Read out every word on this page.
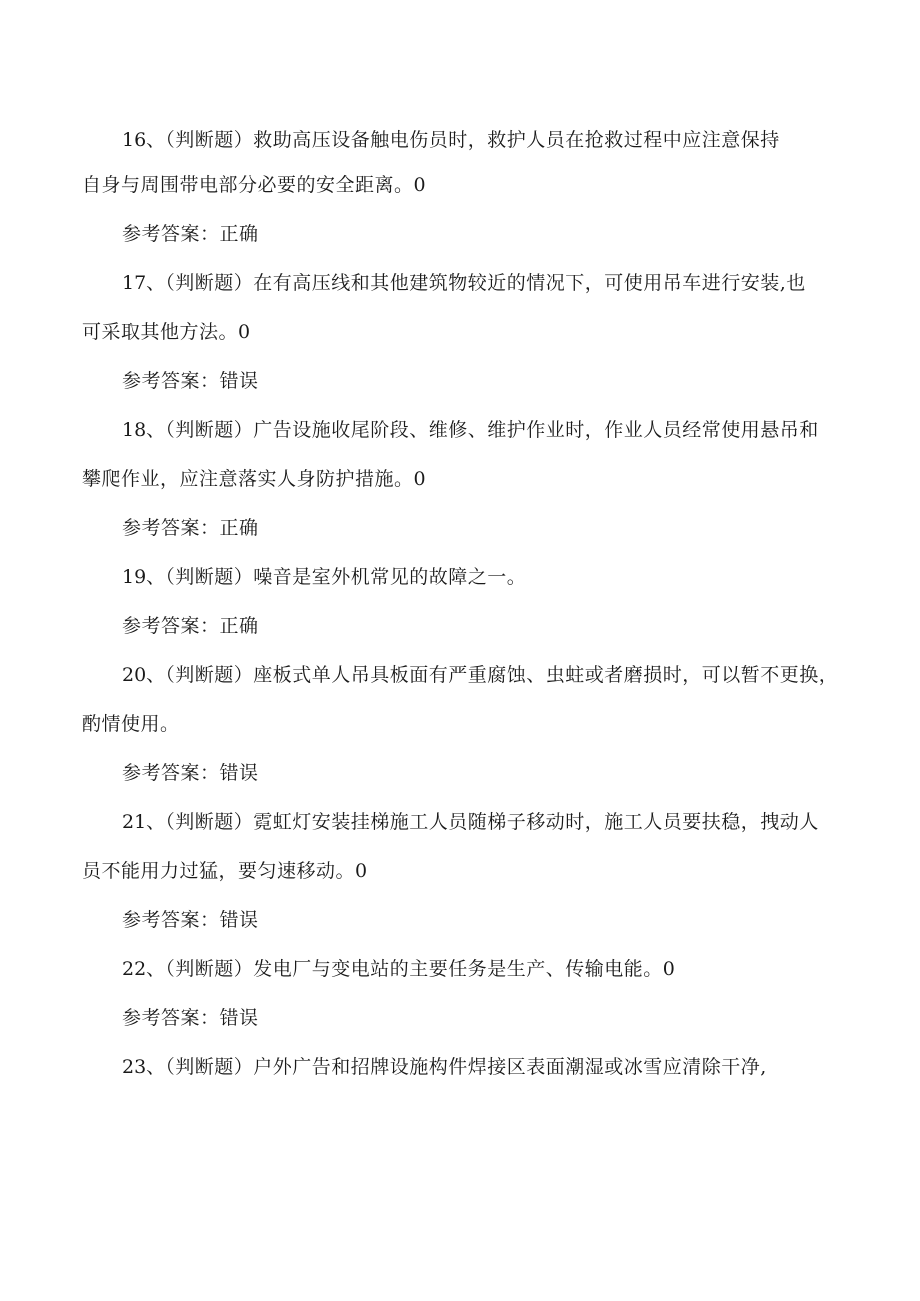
16、（判断题）救助高压设备触电伤员时，救护人员在抢救过程中应注意保持
自身与周围带电部分必要的安全距离。0
参考答案：正确
17、（判断题）在有高压线和其他建筑物较近的情况下，可使用吊车进行安装,也
可采取其他方法。0
参考答案：错误
18、（判断题）广告设施收尾阶段、维修、维护作业时，作业人员经常使用悬吊和
攀爬作业，应注意落实人身防护措施。0
参考答案：正确
19、（判断题）噪音是室外机常见的故障之一。
参考答案：正确
20、（判断题）座板式单人吊具板面有严重腐蚀、虫蛀或者磨损时，可以暂不更换，
酌情使用。
参考答案：错误
21、（判断题）霓虹灯安装挂梯施工人员随梯子移动时，施工人员要扶稳，拽动人
员不能用力过猛，要匀速移动。0
参考答案：错误
22、（判断题）发电厂与变电站的主要任务是生产、传输电能。0
参考答案：错误
23、（判断题）户外广告和招牌设施构件焊接区表面潮湿或冰雪应清除干净,
